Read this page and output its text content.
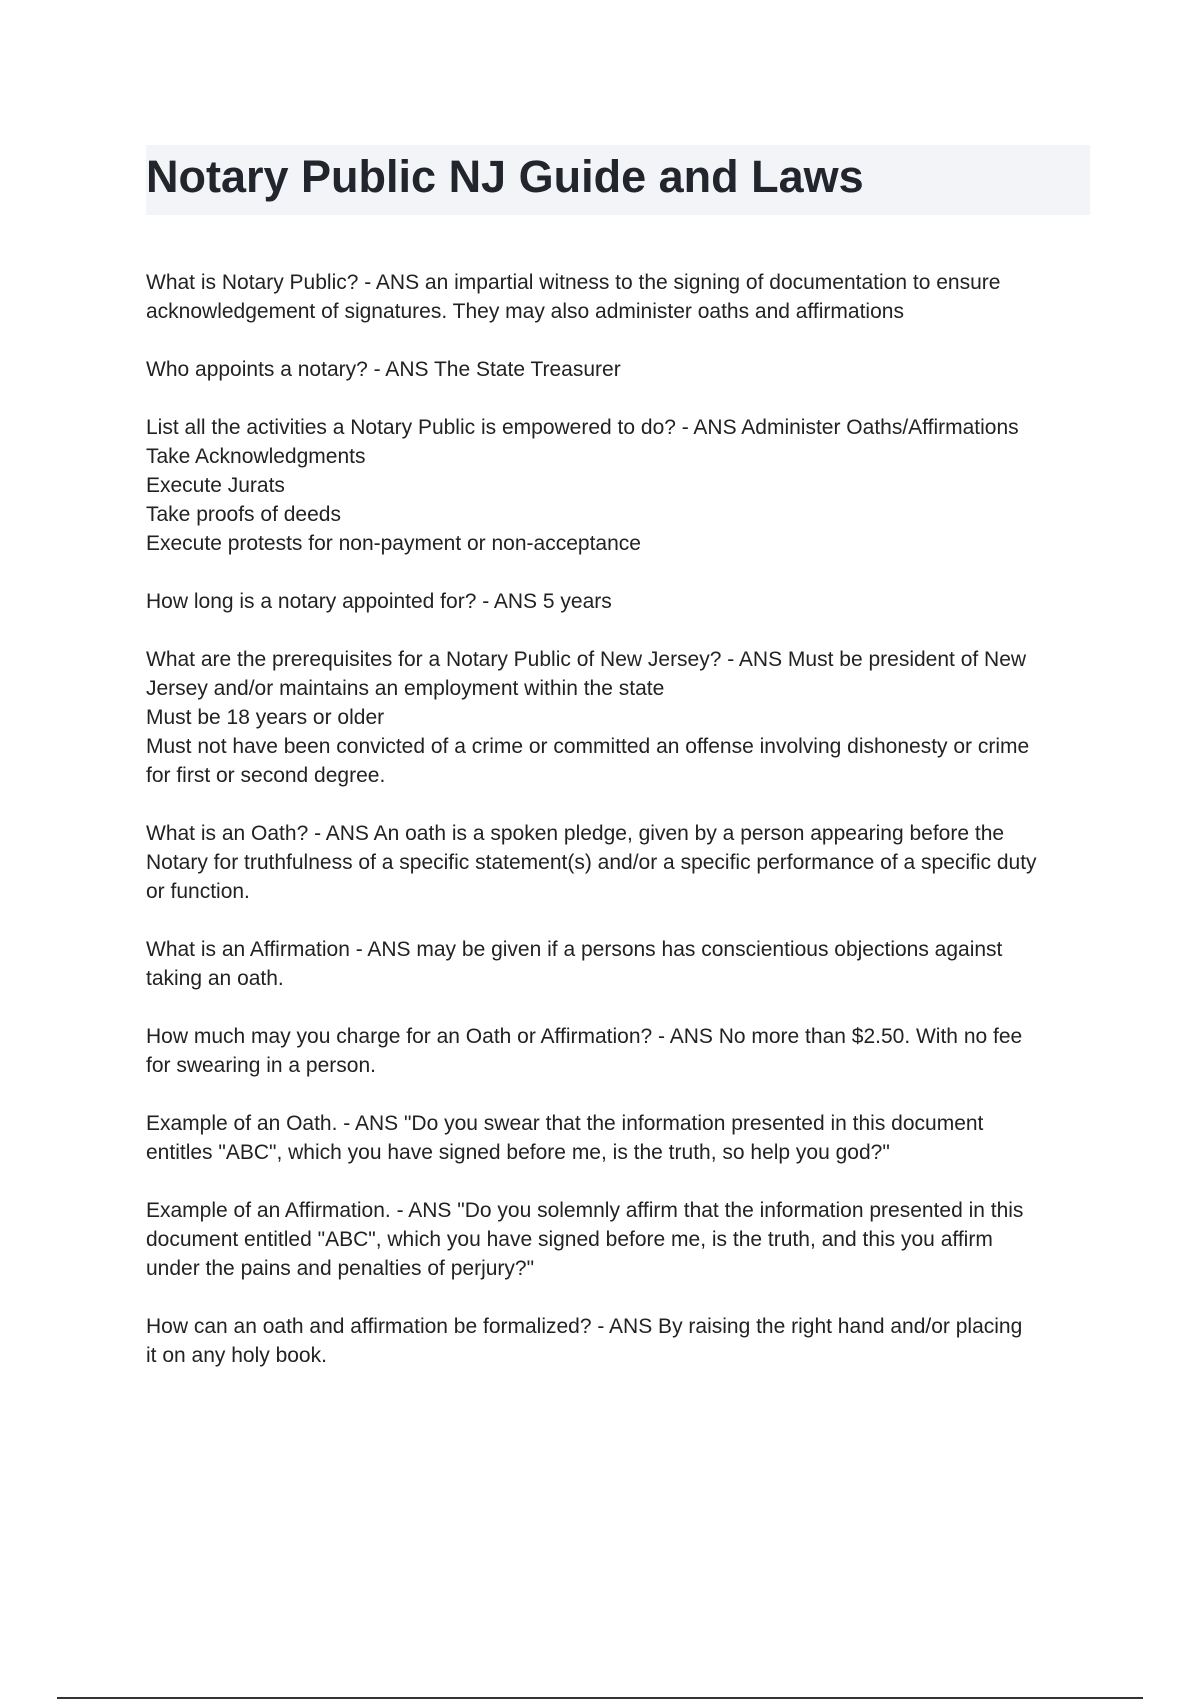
Notary Public NJ Guide and Laws

What is Notary Public? - ANS an impartial witness to the signing of documentation to ensure
acknowledgement of signatures. They may also administer oaths and affirmations

Who appoints a notary? - ANS The State Treasurer

List all the activities a Notary Public is empowered to do? - ANS Administer Oaths/Affirmations
Take Acknowledgments
Execute Jurats
Take proofs of deeds
Execute protests for non-payment or non-acceptance

How long is a notary appointed for? - ANS 5 years

What are the prerequisites for a Notary Public of New Jersey? - ANS Must be president of New
Jersey and/or maintains an employment within the state
Must be 18 years or older
Must not have been convicted of a crime or committed an offense involving dishonesty or crime
for first or second degree.

What is an Oath? - ANS An oath is a spoken pledge, given by a person appearing before the
Notary for truthfulness of a specific statement(s) and/or a specific performance of a specific duty
or function.

What is an Affirmation - ANS may be given if a persons has conscientious objections against
taking an oath.

How much may you charge for an Oath or Affirmation? - ANS No more than $2.50. With no fee
for swearing in a person.

Example of an Oath. - ANS "Do you swear that the information presented in this document
entitles "ABC", which you have signed before me, is the truth, so help you god?"

Example of an Affirmation. - ANS "Do you solemnly affirm that the information presented in this
document entitled "ABC", which you have signed before me, is the truth, and this you affirm
under the pains and penalties of perjury?"

How can an oath and affirmation be formalized? - ANS By raising the right hand and/or placing
it on any holy book.
